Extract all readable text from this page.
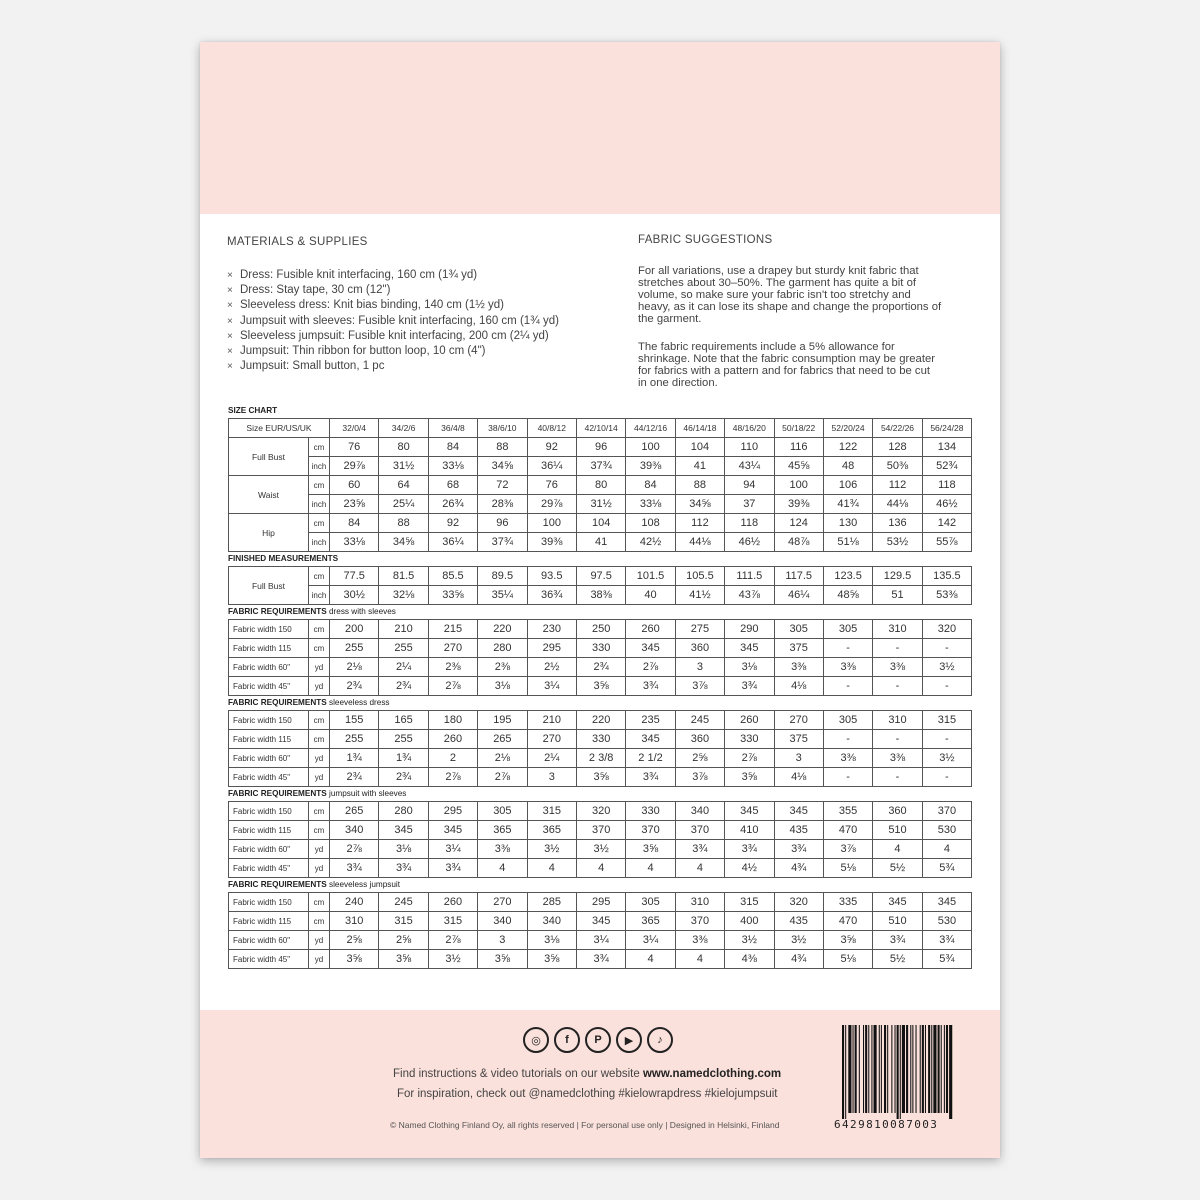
MATERIALS & SUPPLIES
× Dress: Fusible knit interfacing, 160 cm (1¾ yd)
× Dress: Stay tape, 30 cm (12")
× Sleeveless dress: Knit bias binding, 140 cm (1½ yd)
× Jumpsuit with sleeves: Fusible knit interfacing, 160 cm (1¾ yd)
× Sleeveless jumpsuit: Fusible knit interfacing, 200 cm (2¼ yd)
× Jumpsuit: Thin ribbon for button loop, 10 cm (4")
× Jumpsuit: Small button, 1 pc
FABRIC SUGGESTIONS
For all variations, use a drapey but sturdy knit fabric that
stretches about 30–50%. The garment has quite a bit of
volume, so make sure your fabric isn't too stretchy and
heavy, as it can lose its shape and change the proportions of
the garment.
The fabric requirements include a 5% allowance for
shrinkage. Note that the fabric consumption may be greater
for fabrics with a pattern and for fabrics that need to be cut
in one direction.
SIZE CHART
Size EUR/US/UK		32/0/4	34/2/6	36/4/8	38/6/10	40/8/12	42/10/14	44/12/16	46/14/18	48/16/20	50/18/22	52/20/24	54/22/26	56/24/28
Full Bust	cm	76	80	84	88	92	96	100	104	110	116	122	128	134
	inch	29⅞	31½	33⅛	34⅝	36¼	37¾	39⅜	41	43¼	45⅝	48	50⅜	52¾
Waist	cm	60	64	68	72	76	80	84	88	94	100	106	112	118
	inch	23⅝	25¼	26¾	28⅜	29⅞	31½	33⅛	34⅝	37	39⅜	41¾	44⅛	46½
Hip	cm	84	88	92	96	100	104	108	112	118	124	130	136	142
	inch	33⅛	34⅝	36¼	37¾	39⅜	41	42½	44⅛	46½	48⅞	51⅛	53½	55⅞
FINISHED MEASUREMENTS
Full Bust	cm	77.5	81.5	85.5	89.5	93.5	97.5	101.5	105.5	111.5	117.5	123.5	129.5	135.5
	inch	30½	32⅛	33⅝	35¼	36¾	38⅜	40	41½	43⅞	46¼	48⅝	51	53⅜
FABRIC REQUIREMENTS dress with sleeves
Fabric width 150	cm	200	210	215	220	230	250	260	275	290	305	305	310	320
Fabric width 115	cm	255	255	270	280	295	330	345	360	345	375	-	-	-
Fabric width 60"	yd	2⅛	2¼	2⅜	2⅜	2½	2¾	2⅞	3	3⅛	3⅜	3⅜	3⅜	3½
Fabric width 45"	yd	2¾	2¾	2⅞	3⅛	3¼	3⅝	3¾	3⅞	3¾	4⅛	-	-	-
FABRIC REQUIREMENTS sleeveless dress
Fabric width 150	cm	155	165	180	195	210	220	235	245	260	270	305	310	315
Fabric width 115	cm	255	255	260	265	270	330	345	360	330	375	-	-	-
Fabric width 60"	yd	1¾	1¾	2	2⅛	2¼	2 3/8	2 1/2	2⅝	2⅞	3	3⅜	3⅜	3½
Fabric width 45"	yd	2¾	2¾	2⅞	2⅞	3	3⅝	3¾	3⅞	3⅝	4⅛	-	-	-
FABRIC REQUIREMENTS jumpsuit with sleeves
Fabric width 150	cm	265	280	295	305	315	320	330	340	345	345	355	360	370
Fabric width 115	cm	340	345	345	365	365	370	370	370	410	435	470	510	530
Fabric width 60"	yd	2⅞	3⅛	3¼	3⅜	3½	3½	3⅝	3¾	3¾	3¾	3⅞	4	4
Fabric width 45"	yd	3¾	3¾	3¾	4	4	4	4	4	4½	4¾	5⅛	5½	5¾
FABRIC REQUIREMENTS sleeveless jumpsuit
Fabric width 150	cm	240	245	260	270	285	295	305	310	315	320	335	345	345
Fabric width 115	cm	310	315	315	340	340	345	365	370	400	435	470	510	530
Fabric width 60"	yd	2⅝	2⅝	2⅞	3	3⅛	3¼	3¼	3⅜	3½	3½	3⅝	3¾	3¾
Fabric width 45"	yd	3⅝	3⅝	3½	3⅝	3⅝	3¾	4	4	4⅜	4¾	5⅛	5½	5¾
◎	f	P	▶	♪
Find instructions & video tutorials on our website www.namedclothing.com
For inspiration, check out @namedclothing #kielowrapdress #kielojumpsuit
© Named Clothing Finland Oy, all rights reserved | For personal use only | Designed in Helsinki, Finland	6429810087003
